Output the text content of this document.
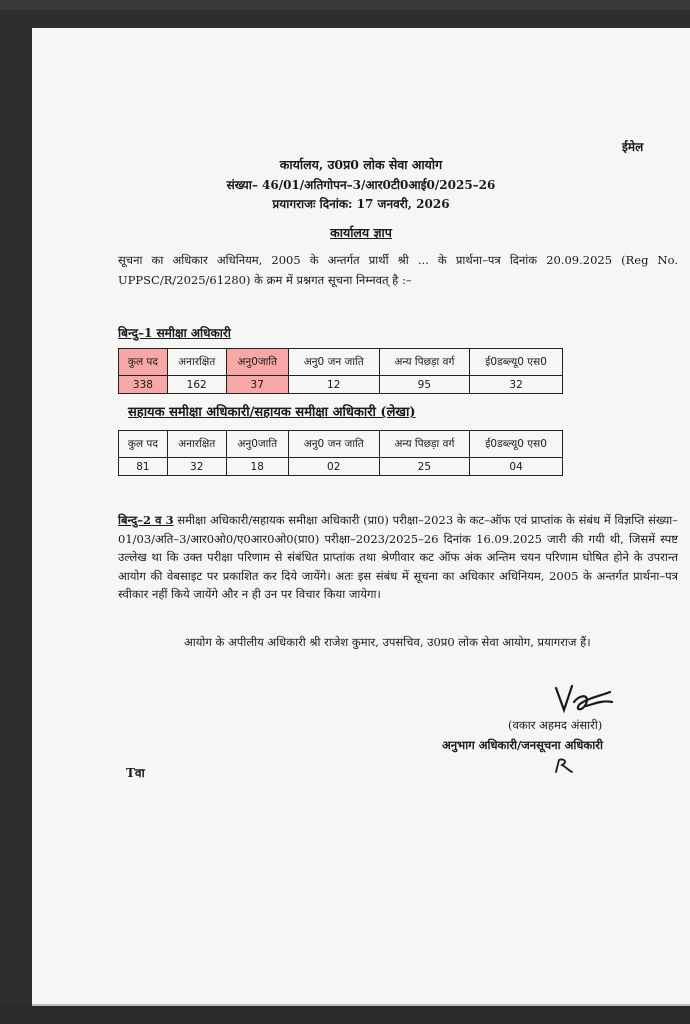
ईमेल
कार्यालय, उ0प्र0 लोक सेवा आयोग
संख्या– 46/01/अतिगोपन–3/आर0टी0आई0/2025–26
प्रयागराजः दिनांक: 17 जनवरी, 2026
कार्यालय ज्ञाप
सूचना का अधिकार अधिनियम, 2005 के अन्तर्गत प्रार्थी श्री ... के प्रार्थना–पत्र दिनांक 20.09.2025 (Reg No. UPPSC/R/2025/61280) के क्रम में प्रश्नगत सूचना निम्नवत् है :–
बिन्दु–1 समीक्षा अधिकारी
कुल पद	अनारक्षित	अनु0जाति	अनु0 जन जाति	अन्य पिछड़ा वर्ग	ई0डब्ल्यू0 एस0
338	162	37	12	95	32
सहायक समीक्षा अधिकारी/सहायक समीक्षा अधिकारी (लेखा)
कुल पद	अनारक्षित	अनु0जाति	अनु0 जन जाति	अन्य पिछड़ा वर्ग	ई0डब्ल्यू0 एस0
81	32	18	02	25	04
बिन्दु–2 व 3 समीक्षा अधिकारी/सहायक समीक्षा अधिकारी (प्रा0) परीक्षा–2023 के कट–ऑफ एवं प्राप्तांक के संबंध में विज्ञप्ति संख्या–01/03/अति–3/आर0ओ0/ए0आर0ओ0(प्रा0) परीक्षा–2023/2025–26 दिनांक 16.09.2025 जारी की गयी थी, जिसमें स्पष्ट उल्लेख था कि उक्त परीक्षा परिणाम से संबंधित प्राप्तांक तथा श्रेणीवार कट ऑफ अंक अन्तिम चयन परिणाम घोषित होने के उपरान्त आयोग की वेबसाइट पर प्रकाशित कर दिये जायेंगे। अतः इस संबंध में सूचना का अधिकार अधिनियम, 2005 के अन्तर्गत प्रार्थना–पत्र स्वीकार नहीं किये जायेंगे और न ही उन पर विचार किया जायेगा।
आयोग के अपीलीय अधिकारी श्री राजेश कुमार, उपसचिव, उ0प्र0 लोक सेवा आयोग, प्रयागराज हैं।
(वकार अहमद अंसारी)
अनुभाग अधिकारी/जनसूचना अधिकारी
Tवा
